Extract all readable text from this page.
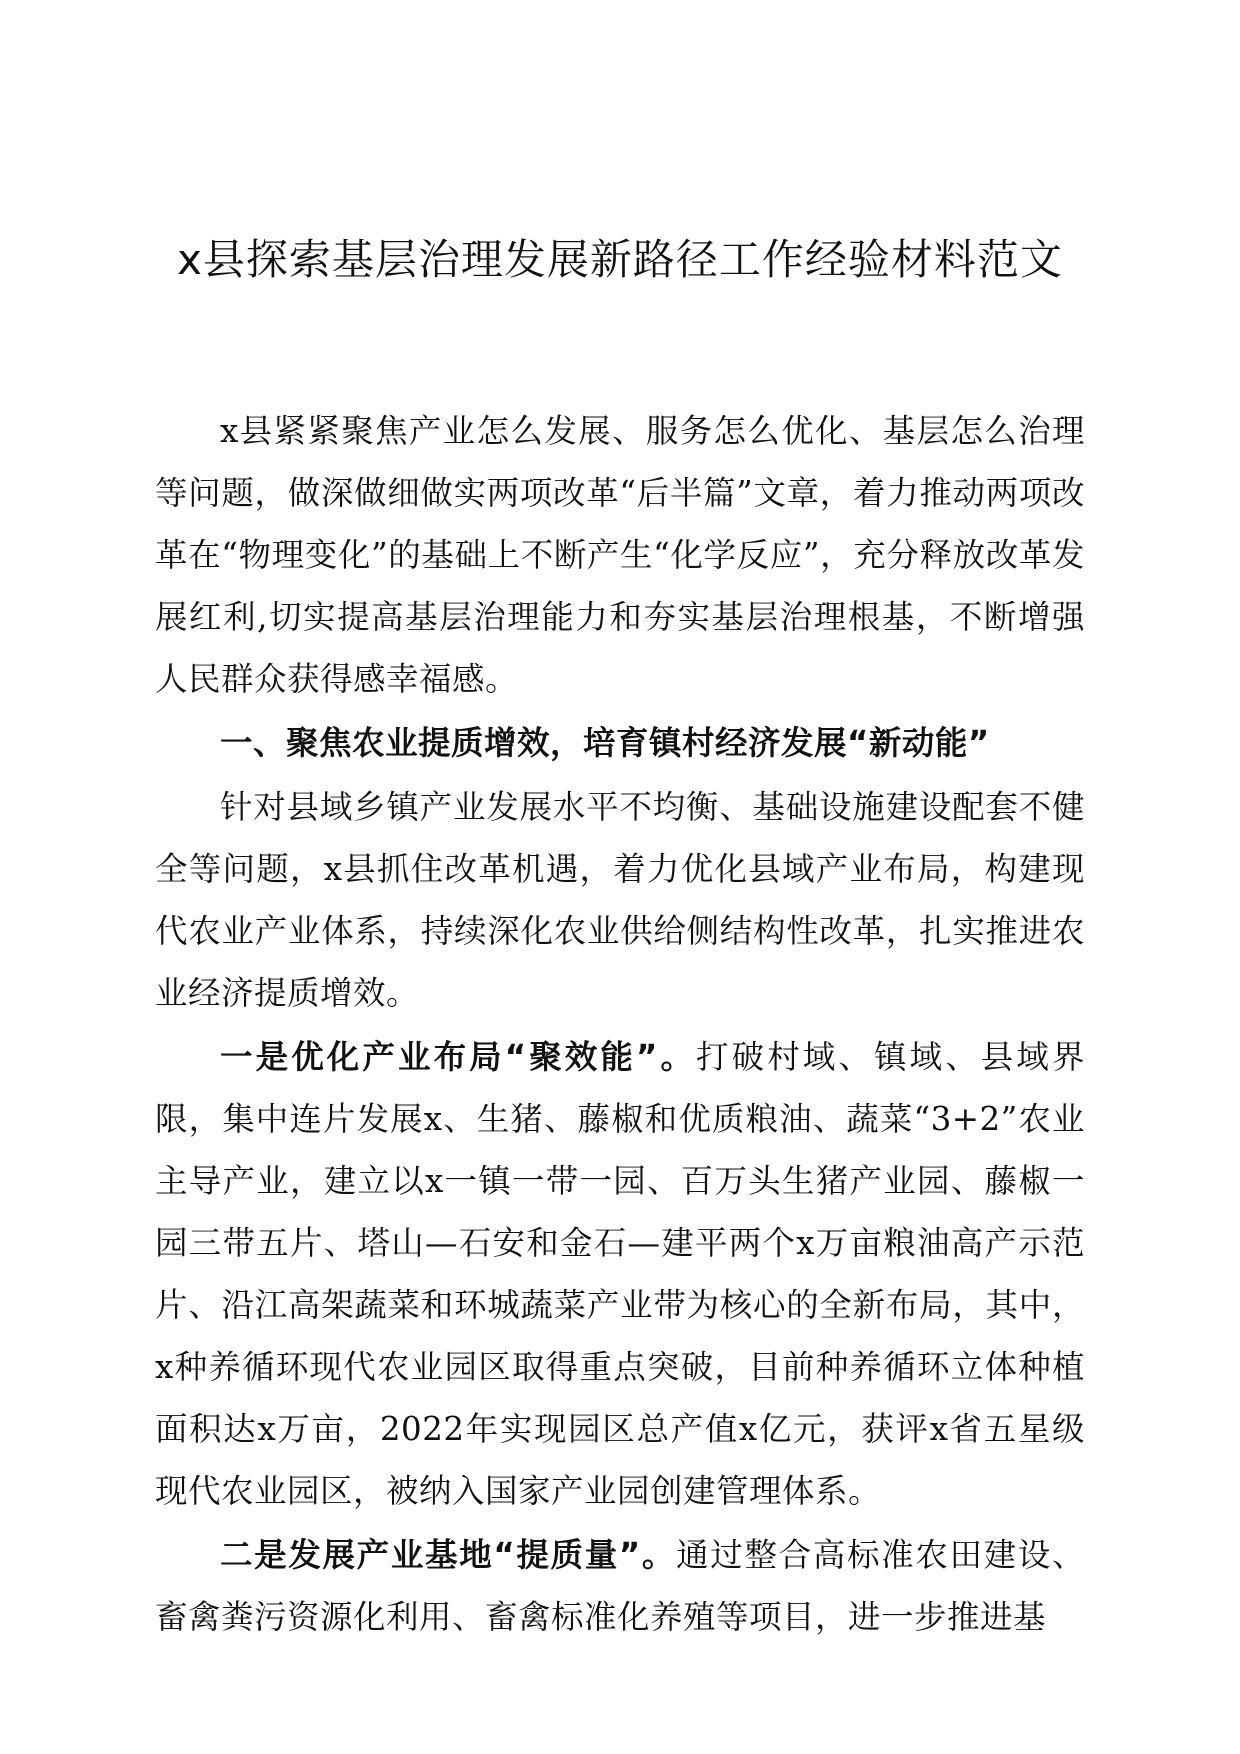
x县探索基层治理发展新路径工作经验材料范文

x县紧紧聚焦产业怎么发展、服务怎么优化、基层怎么治理等问题，做深做细做实两项改革“后半篇”文章，着力推动两项改革在“物理变化”的基础上不断产生“化学反应”，充分释放改革发展红利,切实提高基层治理能力和夯实基层治理根基，不断增强人民群众获得感幸福感。

一、聚焦农业提质增效，培育镇村经济发展“新动能”

针对县域乡镇产业发展水平不均衡、基础设施建设配套不健全等问题，x县抓住改革机遇，着力优化县域产业布局，构建现代农业产业体系，持续深化农业供给侧结构性改革，扎实推进农业经济提质增效。

一是优化产业布局“聚效能”。打破村域、镇域、县域界限，集中连片发展x、生猪、藤椒和优质粮油、蔬菜“3+2”农业主导产业，建立以x一镇一带一园、百万头生猪产业园、藤椒一园三带五片、塔山—石安和金石—建平两个x万亩粮油高产示范片、沿江高架蔬菜和环城蔬菜产业带为核心的全新布局，其中，x种养循环现代农业园区取得重点突破，目前种养循环立体种植面积达x万亩，2022年实现园区总产值x亿元，获评x省五星级现代农业园区，被纳入国家产业园创建管理体系。

二是发展产业基地“提质量”。通过整合高标准农田建设、畜禽粪污资源化利用、畜禽标准化养殖等项目，进一步推进基
